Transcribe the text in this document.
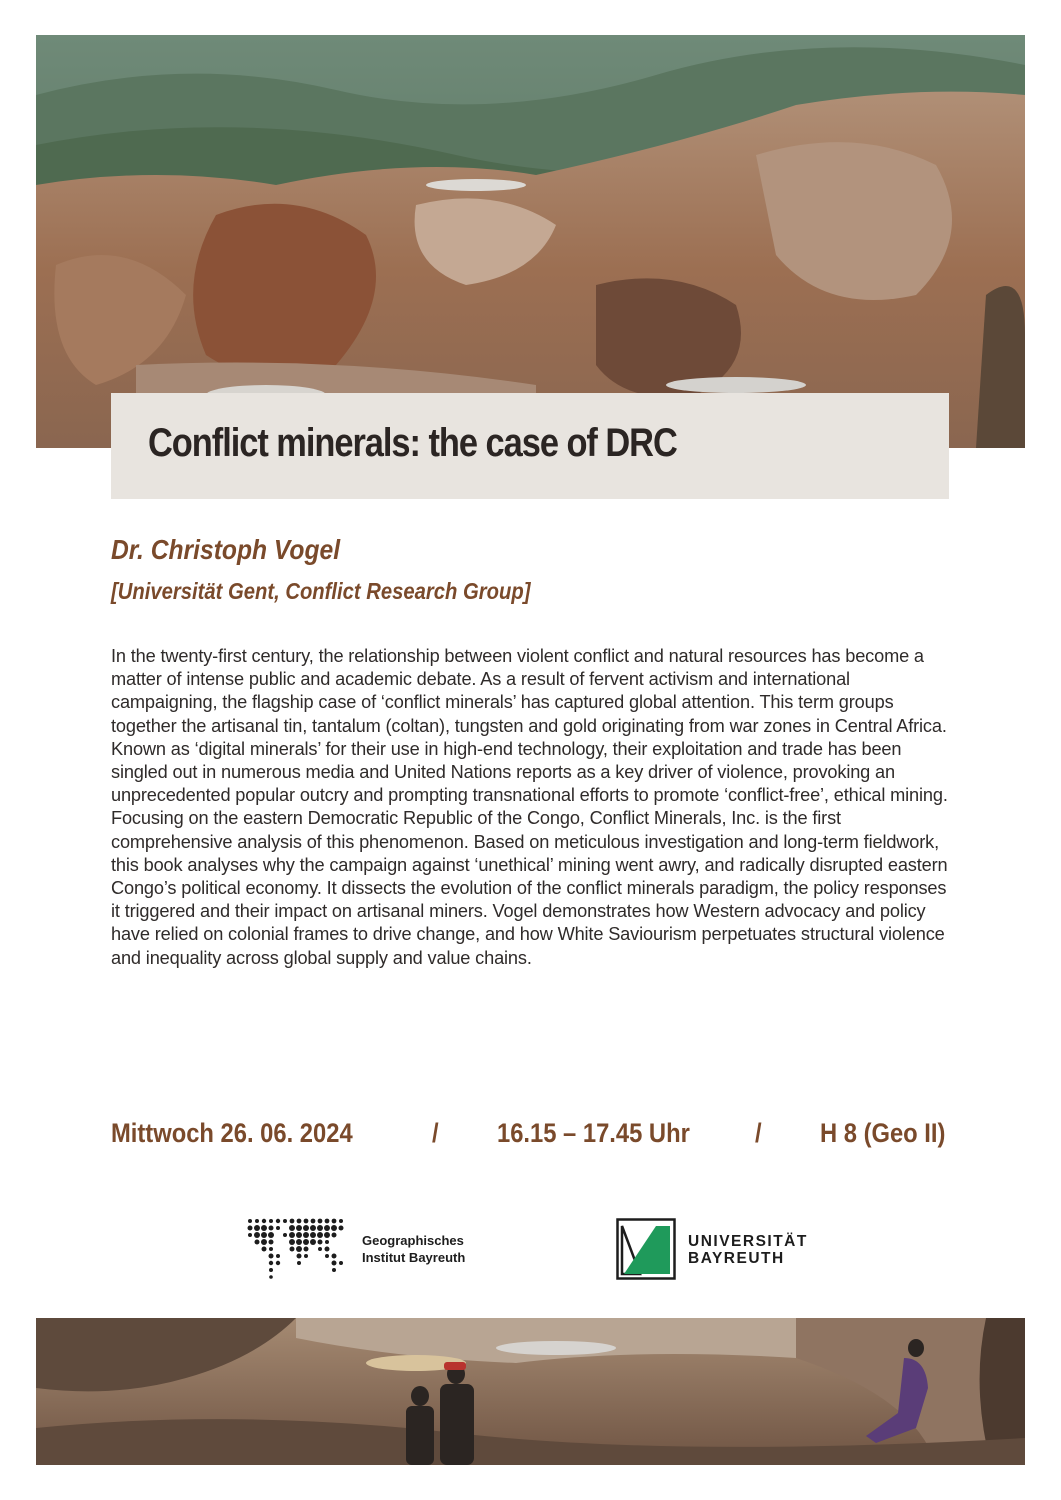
Conflict minerals: the case of DRC

Dr. Christoph Vogel

[Universität Gent, Conflict Research Group]

In the twenty-first century, the relationship between violent conflict and natural resources has become a matter of intense public and academic debate. As a result of fervent activism and international campaigning, the flagship case of ‘conflict minerals’ has captured global attention. This term groups together the artisanal tin, tantalum (coltan), tungsten and gold originating from war zones in Central Africa. Known as ‘digital minerals’ for their use in high-end technology, their exploitation and trade has been singled out in numerous media and United Nations reports as a key driver of violence, provoking an unprecedented popular outcry and prompting transnational efforts to promote ‘conflict-free’, ethical mining. Focusing on the eastern Democratic Republic of the Congo, Conflict Minerals, Inc. is the first comprehensive analysis of this phenomenon. Based on meticulous investigation and long-term fieldwork, this book analyses why the campaign against ‘unethical’ mining went awry, and radically disrupted eastern Congo’s political economy. It dissects the evolution of the conflict minerals paradigm, the policy responses it triggered and their impact on artisanal miners. Vogel demonstrates how Western advocacy and policy have relied on colonial frames to drive change, and how White Saviourism perpetuates structural violence and inequality across global supply and value chains.

Mittwoch 26. 06. 2024	/ 16.15 – 17.45 Uhr / H 8 (Geo II)

Geographisches
Institut Bayreuth
UNIVERSITÄT
BAYREUTH
